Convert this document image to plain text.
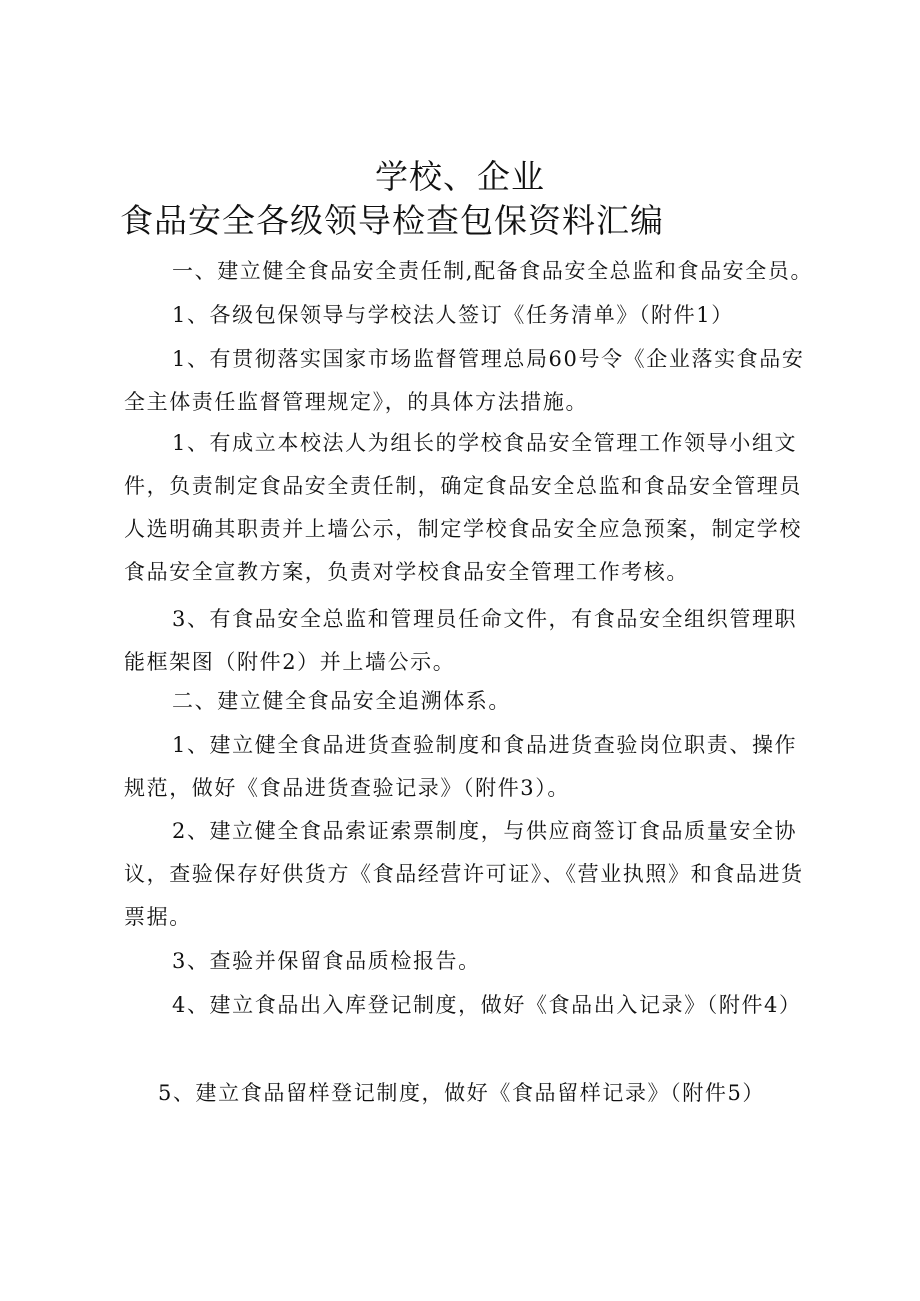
学校、企业
食品安全各级领导检查包保资料汇编

一、建立健全食品安全责任制,配备食品安全总监和食品安全员。

1、各级包保领导与学校法人签订《任务清单》（附件1）

1、有贯彻落实国家市场监督管理总局60号令《企业落实食品安全主体责任监督管理规定》，的具体方法措施。

1、有成立本校法人为组长的学校食品安全管理工作领导小组文件，负责制定食品安全责任制，确定食品安全总监和食品安全管理员人选明确其职责并上墙公示，制定学校食品安全应急预案，制定学校食品安全宣教方案，负责对学校食品安全管理工作考核。

3、有食品安全总监和管理员任命文件，有食品安全组织管理职能框架图（附件2）并上墙公示。

二、建立健全食品安全追溯体系。

1、建立健全食品进货查验制度和食品进货查验岗位职责、操作规范，做好《食品进货查验记录》（附件3）。

2、建立健全食品索证索票制度，与供应商签订食品质量安全协议，查验保存好供货方《食品经营许可证》、《营业执照》和食品进货票据。

3、查验并保留食品质检报告。

4、建立食品出入库登记制度，做好《食品出入记录》（附件4）

5、建立食品留样登记制度，做好《食品留样记录》（附件5）
